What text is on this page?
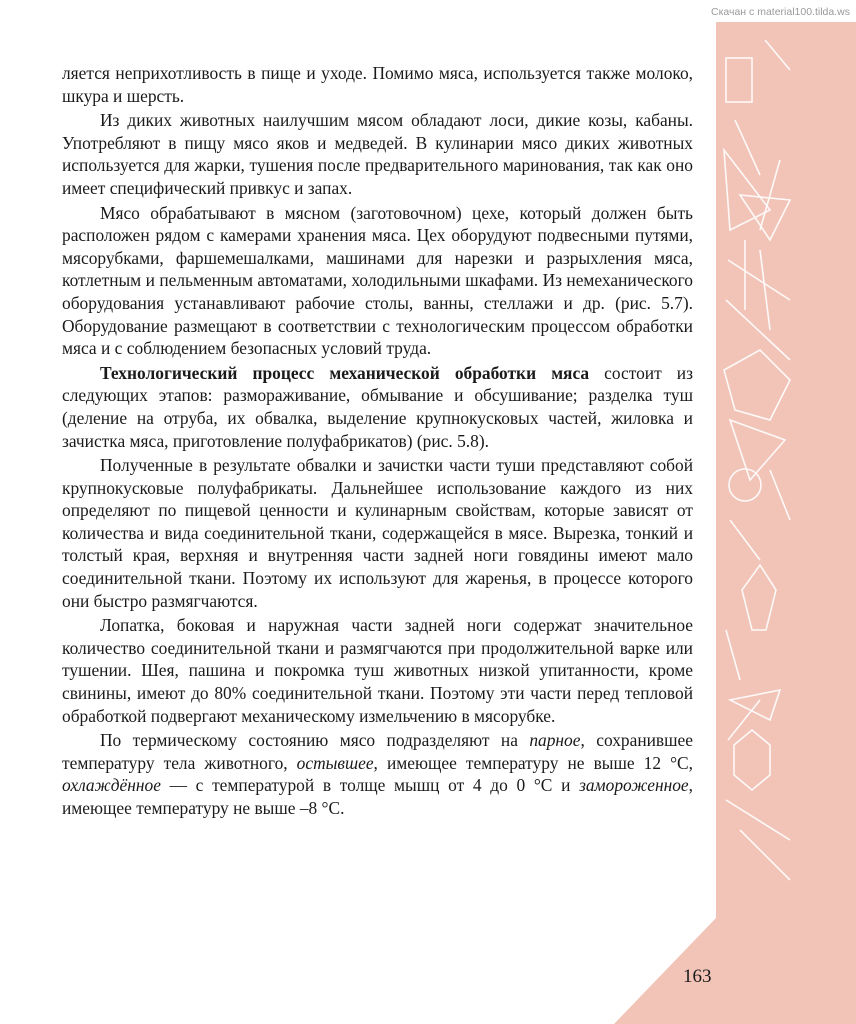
Скачан с material100.tilda.ws

ляется неприхотливость в пище и уходе. Помимо мяса, используется также молоко, шкура и шерсть.

Из диких животных наилучшим мясом обладают лоси, дикие козы, кабаны. Употребляют в пищу мясо яков и медведей. В кулинарии мясо диких животных используется для жарки, тушения после предварительного маринования, так как оно имеет специфический привкус и запах.

Мясо обрабатывают в мясном (заготовочном) цехе, который должен быть расположен рядом с камерами хранения мяса. Цех оборудуют подвесными путями, мясорубками, фаршемешалками, машинами для нарезки и разрыхления мяса, котлетным и пельменным автоматами, холодильными шкафами. Из немеханического оборудования устанавливают рабочие столы, ванны, стеллажи и др. (рис. 5.7). Оборудование размещают в соответствии с технологическим процессом обработки мяса и с соблюдением безопасных условий труда.

Технологический процесс механической обработки мяса состоит из следующих этапов: размораживание, обмывание и обсушивание; разделка туш (деление на отруба, их обвалка, выделение крупнокусковых частей, жиловка и зачистка мяса, приготовление полуфабрикатов) (рис. 5.8).

Полученные в результате обвалки и зачистки части туши представляют собой крупнокусковые полуфабрикаты. Дальнейшее использование каждого из них определяют по пищевой ценности и кулинарным свойствам, которые зависят от количества и вида соединительной ткани, содержащейся в мясе. Вырезка, тонкий и толстый края, верхняя и внутренняя части задней ноги говядины имеют мало соединительной ткани. Поэтому их используют для жаренья, в процессе которого они быстро размягчаются.

Лопатка, боковая и наружная части задней ноги содержат значительное количество соединительной ткани и размягчаются при продолжительной варке или тушении. Шея, пашина и покромка туш животных низкой упитанности, кроме свинины, имеют до 80% соединительной ткани. Поэтому эти части перед тепловой обработкой подвергают механическому измельчению в мясорубке.

По термическому состоянию мясо подразделяют на парное, сохранившее температуру тела животного, остывшее, имеющее температуру не выше 12 °С, охлаждённое — с температурой в толще мышц от 4 до 0 °С и замороженное, имеющее температуру не выше –8 °С.

163
